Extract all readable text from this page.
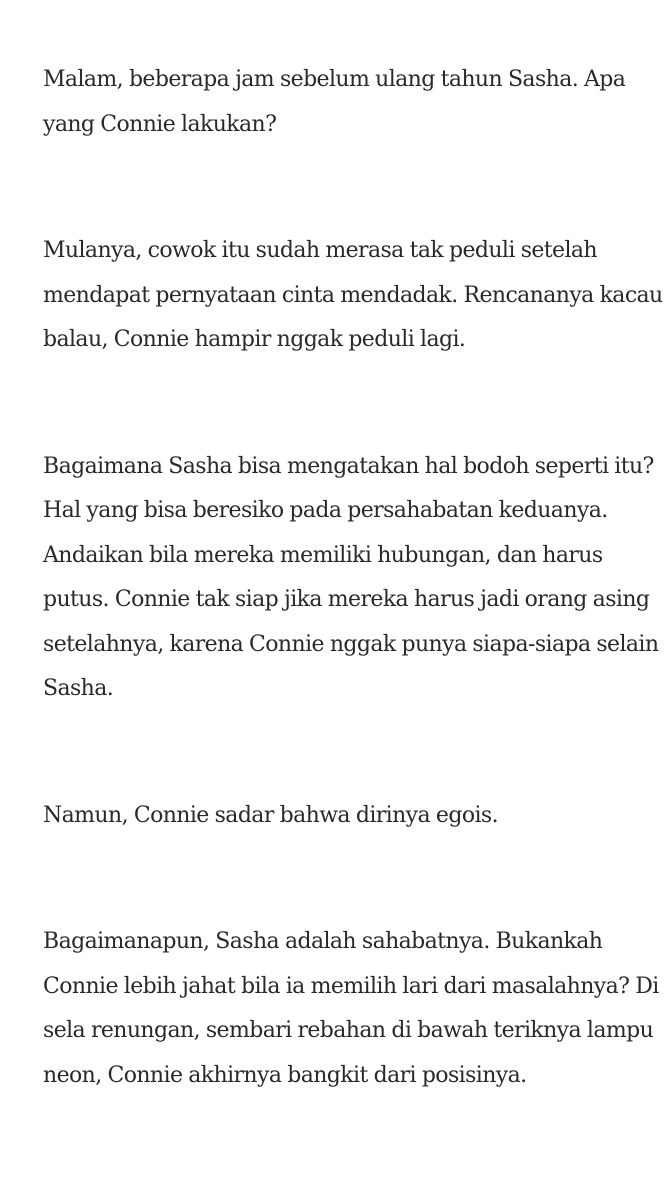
Malam, beberapa jam sebelum ulang tahun Sasha. Apa yang Connie lakukan?

Mulanya, cowok itu sudah merasa tak peduli setelah mendapat pernyataan cinta mendadak. Rencananya kacau balau, Connie hampir nggak peduli lagi.

Bagaimana Sasha bisa mengatakan hal bodoh seperti itu? Hal yang bisa beresiko pada persahabatan keduanya. Andaikan bila mereka memiliki hubungan, dan harus putus. Connie tak siap jika mereka harus jadi orang asing setelahnya, karena Connie nggak punya siapa-siapa selain Sasha.

Namun, Connie sadar bahwa dirinya egois.

Bagaimanapun, Sasha adalah sahabatnya. Bukankah Connie lebih jahat bila ia memilih lari dari masalahnya? Di sela renungan, sembari rebahan di bawah teriknya lampu neon, Connie akhirnya bangkit dari posisinya.
